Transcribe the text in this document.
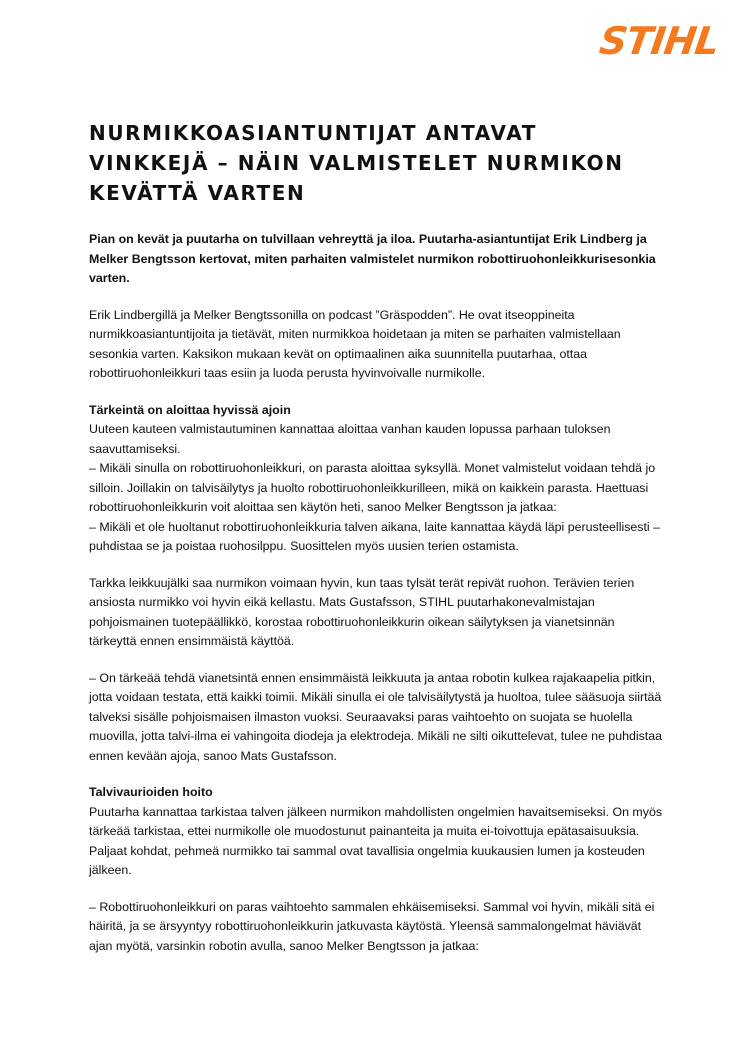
STIHL
NURMIKKOASIANTUNTIJAT ANTAVAT VINKKEJÄ – NÄIN VALMISTELET NURMIKON KEVÄTTÄ VARTEN

Pian on kevät ja puutarha on tulvillaan vehreyttä ja iloa. Puutarha-asiantuntijat Erik Lindberg ja Melker Bengtsson kertovat, miten parhaiten valmistelet nurmikon robottiruohonleikkurisesonkia varten.

Erik Lindbergillä ja Melker Bengtssonilla on podcast ”Gräspodden”. He ovat itseoppineita nurmikkoasiantuntijoita ja tietävät, miten nurmikkoa hoidetaan ja miten se parhaiten valmistellaan sesonkia varten. Kaksikon mukaan kevät on optimaalinen aika suunnitella puutarhaa, ottaa robottiruohonleikkuri taas esiin ja luoda perusta hyvinvoivalle nurmikolle.

Tärkeintä on aloittaa hyvissä ajoin

Uuteen kauteen valmistautuminen kannattaa aloittaa vanhan kauden lopussa parhaan tuloksen saavuttamiseksi.

– Mikäli sinulla on robottiruohonleikkuri, on parasta aloittaa syksyllä. Monet valmistelut voidaan tehdä jo silloin. Joillakin on talvisäilytys ja huolto robottiruohonleikkurilleen, mikä on kaikkein parasta. Haettuasi robottiruohonleikkurin voit aloittaa sen käytön heti, sanoo Melker Bengtsson ja jatkaa:

– Mikäli et ole huoltanut robottiruohonleikkuria talven aikana, laite kannattaa käydä läpi perusteellisesti – puhdistaa se ja poistaa ruohosilppu. Suosittelen myös uusien terien ostamista.

Tarkka leikkuujälki saa nurmikon voimaan hyvin, kun taas tylsät terät repivät ruohon. Terävien terien ansiosta nurmikko voi hyvin eikä kellastu. Mats Gustafsson, STIHL puutarhakonevalmistajan pohjoismainen tuotepäällikkö, korostaa robottiruohonleikkurin oikean säilytyksen ja vianetsinnän tärkeyttä ennen ensimmäistä käyttöä.

– On tärkeää tehdä vianetsintä ennen ensimmäistä leikkuuta ja antaa robotin kulkea rajakaapelia pitkin, jotta voidaan testata, että kaikki toimii. Mikäli sinulla ei ole talvisäilytystä ja huoltoa, tulee sääsuoja siirtää talveksi sisälle pohjoismaisen ilmaston vuoksi. Seuraavaksi paras vaihtoehto on suojata se huolella muovilla, jotta talvi-ilma ei vahingoita diodeja ja elektrodeja. Mikäli ne silti oikuttelevat, tulee ne puhdistaa ennen kevään ajoja, sanoo Mats Gustafsson.

Talvivaurioiden hoito

Puutarha kannattaa tarkistaa talven jälkeen nurmikon mahdollisten ongelmien havaitsemiseksi. On myös tärkeää tarkistaa, ettei nurmikolle ole muodostunut painanteita ja muita ei-toivottuja epätasaisuuksia. Paljaat kohdat, pehmeä nurmikko tai sammal ovat tavallisia ongelmia kuukausien lumen ja kosteuden jälkeen.

– Robottiruohonleikkuri on paras vaihtoehto sammalen ehkäisemiseksi. Sammal voi hyvin, mikäli sitä ei häiritä, ja se ärsyyntyy robottiruohonleikkurin jatkuvasta käytöstä. Yleensä sammalongelmat häviävät ajan myötä, varsinkin robotin avulla, sanoo Melker Bengtsson ja jatkaa:
